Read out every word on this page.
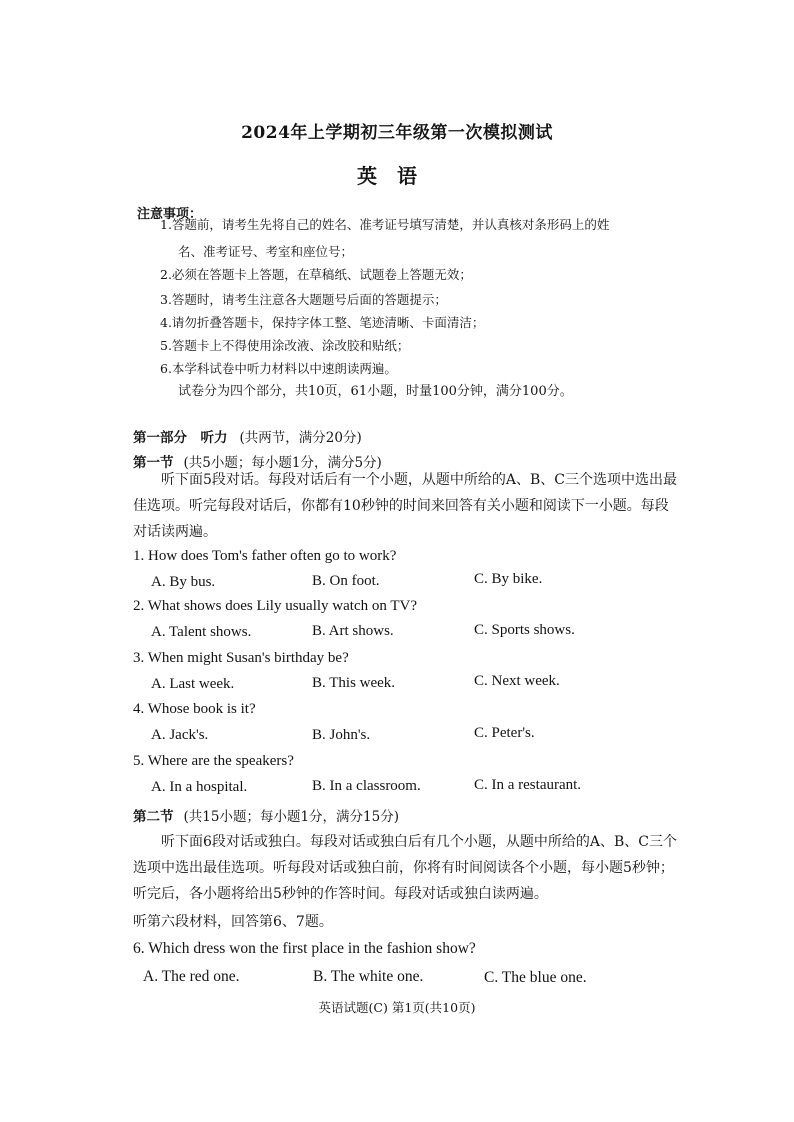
2024年上学期初三年级第一次模拟测试
英语
注意事项：
1.答题前，请考生先将自己的姓名、准考证号填写清楚，并认真核对条形码上的姓
名、准考证号、考室和座位号；
2.必须在答题卡上答题，在草稿纸、试题卷上答题无效；
3.答题时，请考生注意各大题题号后面的答题提示；
4.请勿折叠答题卡，保持字体工整、笔迹清晰、卡面清洁；
5.答题卡上不得使用涂改液、涂改胶和贴纸；
6.本学科试卷中听力材料以中速朗读两遍。
试卷分为四个部分，共10页，61小题，时量100分钟，满分100分。
第一部分　听力 (共两节，满分20分)
第一节 (共5小题；每小题1分，满分5分)
听下面5段对话。每段对话后有一个小题，从题中所给的A、B、C三个选项中选出最佳选项。听完每段对话后，你都有10秒钟的时间来回答有关小题和阅读下一小题。每段对话读两遍。
1. How does Tom's father often go to work?
A. By bus.	B. On foot.	C. By bike.
2. What shows does Lily usually watch on TV?
A. Talent shows.	B. Art shows.	C. Sports shows.
3. When might Susan's birthday be?
A. Last week.	B. This week.	C. Next week.
4. Whose book is it?
A. Jack's.	B. John's.	C. Peter's.
5. Where are the speakers?
A. In a hospital.	B. In a classroom.	C. In a restaurant.
第二节 (共15小题；每小题1分，满分15分)
听下面6段对话或独白。每段对话或独白后有几个小题，从题中所给的A、B、C三个选项中选出最佳选项。听每段对话或独白前，你将有时间阅读各个小题，每小题5秒钟；听完后，各小题将给出5秒钟的作答时间。每段对话或独白读两遍。
听第六段材料，回答第6、7题。
6. Which dress won the first place in the fashion show?
A. The red one.	B. The white one.	C. The blue one.
英语试题(C) 第1页(共10页)
